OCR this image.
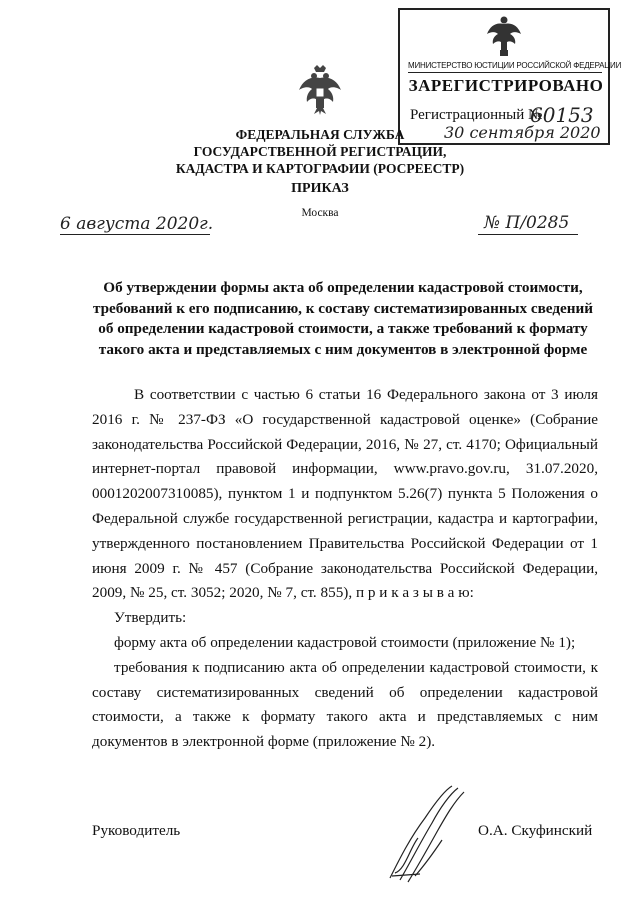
МИНИСТЕРСТВО ЮСТИЦИИ РОССИЙСКОЙ ФЕДЕРАЦИИ
ЗАРЕГИСТРИРОВАНО
Регистрационный №
60153
30 сентября 2020
ФЕДЕРАЛЬНАЯ СЛУЖБА ГОСУДАРСТВЕННОЙ РЕГИСТРАЦИИ, КАДАСТРА И КАРТОГРАФИИ (РОСРЕЕСТР)
ПРИКАЗ
Москва
6 августа 2020г.	№ П/0285
Об утверждении формы акта об определении кадастровой стоимости, требований к его подписанию, к составу систематизированных сведений об определении кадастровой стоимости, а также требований к формату такого акта и представляемых с ним документов в электронной форме

В соответствии с частью 6 статьи 16 Федерального закона от 3 июля 2016 г. № 237-ФЗ «О государственной кадастровой оценке» (Собрание законодательства Российской Федерации, 2016, № 27, ст. 4170; Официальный интернет-портал правовой информации, www.pravo.gov.ru, 31.07.2020, 0001202007310085), пунктом 1 и подпунктом 5.26(7) пункта 5 Положения о Федеральной службе государственной регистрации, кадастра и картографии, утвержденного постановлением Правительства Российской Федерации от 1 июня 2009 г. № 457 (Собрание законодательства Российской Федерации, 2009, № 25, ст. 3052; 2020, № 7, ст. 855), п р и к а з ы в а ю:

Утвердить:

форму акта об определении кадастровой стоимости (приложение № 1);

требования к подписанию акта об определении кадастровой стоимости, к составу систематизированных сведений об определении кадастровой стоимости, а также к формату такого акта и представляемых с ним документов в электронной форме (приложение № 2).

Руководитель	О.А. Скуфинский
